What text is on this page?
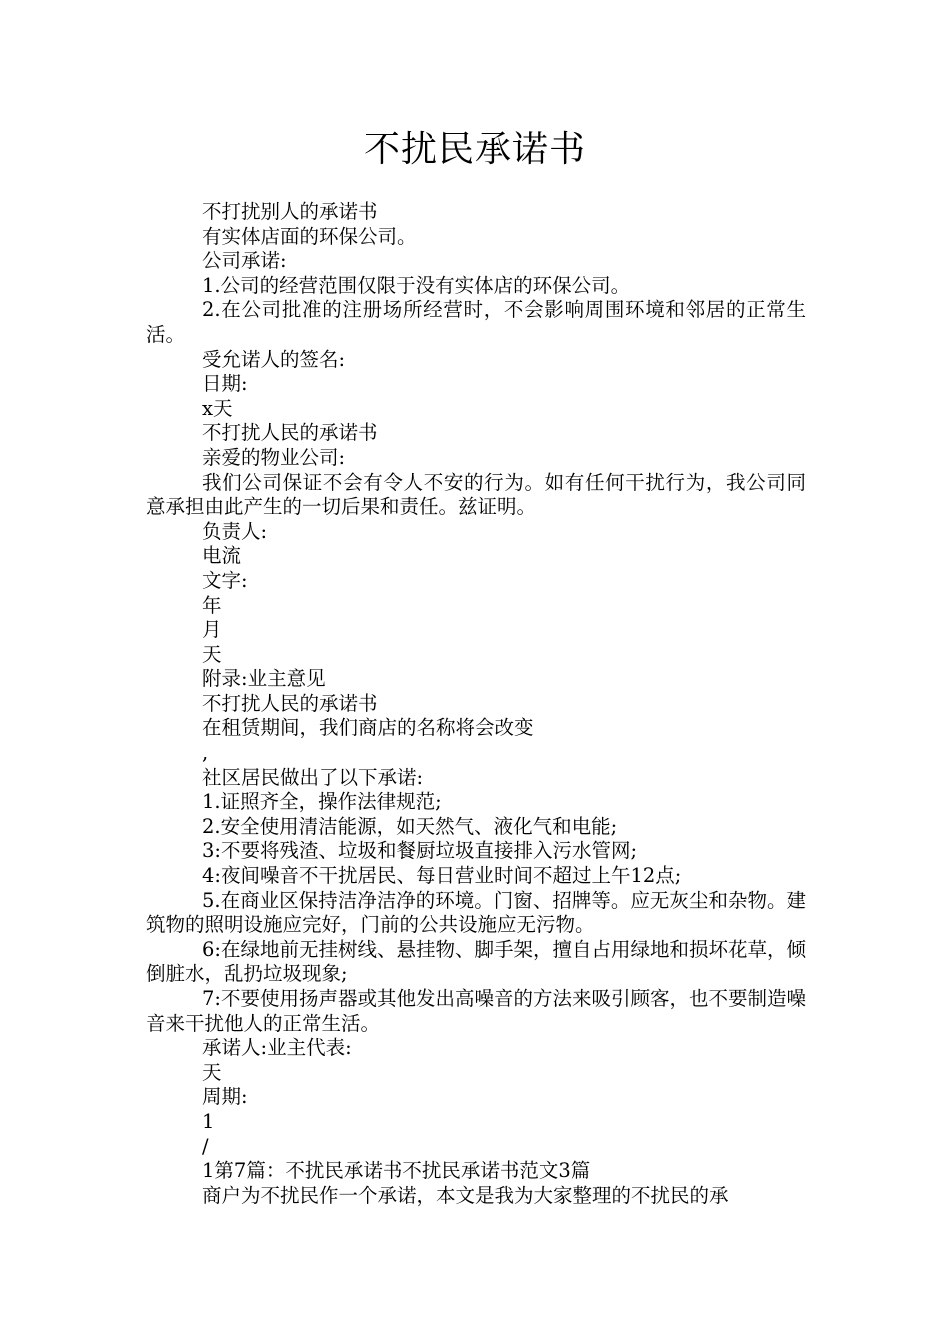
不扰民承诺书

不打扰别人的承诺书

有实体店面的环保公司。

公司承诺:

1.公司的经营范围仅限于没有实体店的环保公司。

2.在公司批准的注册场所经营时，不会影响周围环境和邻居的正常生活。

受允诺人的签名:

日期:

x天

不打扰人民的承诺书

亲爱的物业公司:

我们公司保证不会有令人不安的行为。如有任何干扰行为，我公司同意承担由此产生的一切后果和责任。兹证明。

负责人:

电流

文字:

年

月

天

附录:业主意见

不打扰人民的承诺书

在租赁期间，我们商店的名称将会改变

,

社区居民做出了以下承诺:

1.证照齐全，操作法律规范;

2.安全使用清洁能源，如天然气、液化气和电能;

3:不要将残渣、垃圾和餐厨垃圾直接排入污水管网;

4:夜间噪音不干扰居民、每日营业时间不超过上午12点;

5.在商业区保持洁净洁净的环境。门窗、招牌等。应无灰尘和杂物。建筑物的照明设施应完好，门前的公共设施应无污物。

6:在绿地前无挂树线、悬挂物、脚手架，擅自占用绿地和损坏花草，倾倒脏水，乱扔垃圾现象;

7:不要使用扬声器或其他发出高噪音的方法来吸引顾客，也不要制造噪音来干扰他人的正常生活。

承诺人:业主代表:

天

周期:

1

/

1第7篇：不扰民承诺书不扰民承诺书范文3篇

商户为不扰民作一个承诺，本文是我为大家整理的不扰民的承
